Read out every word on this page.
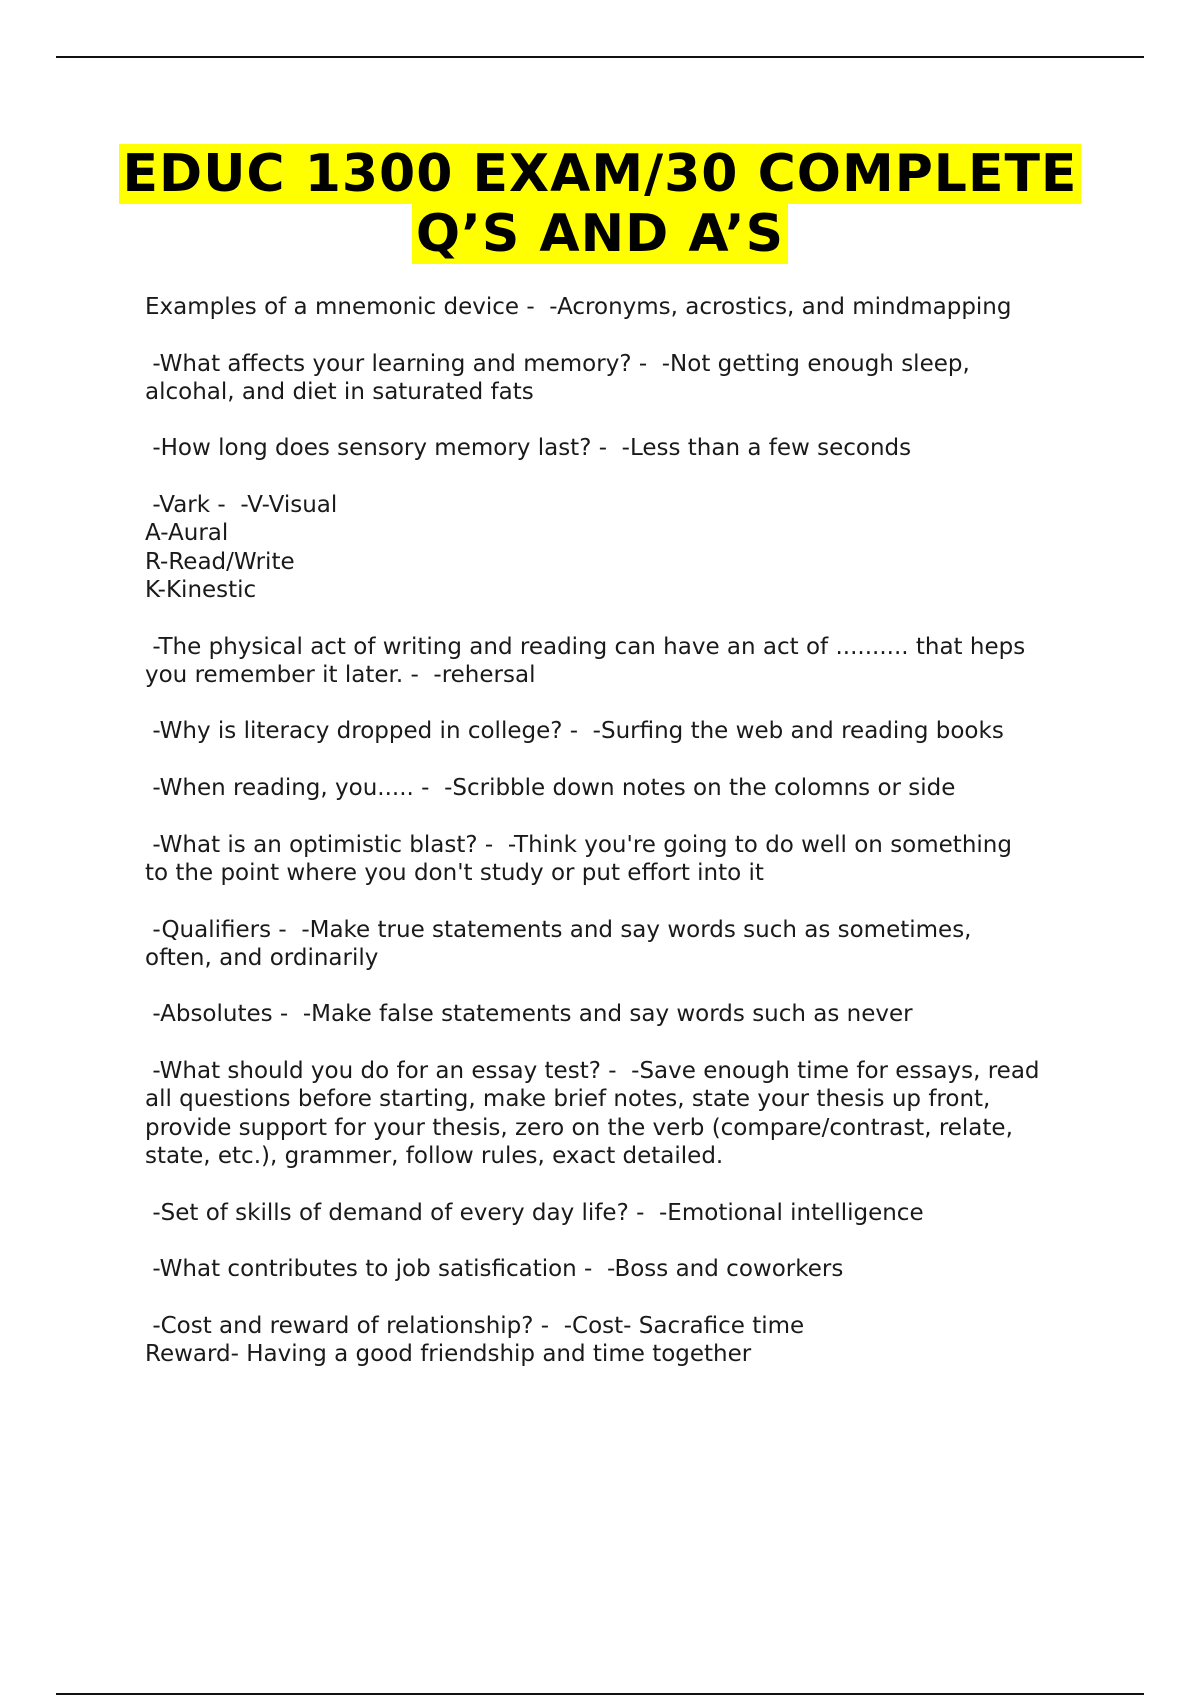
EDUC 1300 EXAM/30 COMPLETE
Q’S AND A’S
Examples of a mnemonic device -  -Acronyms, acrostics, and mindmapping
-What affects your learning and memory? -  -Not getting enough sleep,
alcohal, and diet in saturated fats
-How long does sensory memory last? -  -Less than a few seconds
-Vark -  -V-Visual
A-Aural
R-Read/Write
K-Kinestic
-The physical act of writing and reading can have an act of .......... that heps
you remember it later. -  -rehersal
-Why is literacy dropped in college? -  -Surfing the web and reading books
-When reading, you..... -  -Scribble down notes on the colomns or side
-What is an optimistic blast? -  -Think you're going to do well on something
to the point where you don't study or put effort into it
-Qualifiers -  -Make true statements and say words such as sometimes,
often, and ordinarily
-Absolutes -  -Make false statements and say words such as never
-What should you do for an essay test? -  -Save enough time for essays, read
all questions before starting, make brief notes, state your thesis up front,
provide support for your thesis, zero on the verb (compare/contrast, relate,
state, etc.), grammer, follow rules, exact detailed.
-Set of skills of demand of every day life? -  -Emotional intelligence
-What contributes to job satisfication -  -Boss and coworkers
-Cost and reward of relationship? -  -Cost- Sacrafice time
Reward- Having a good friendship and time together
